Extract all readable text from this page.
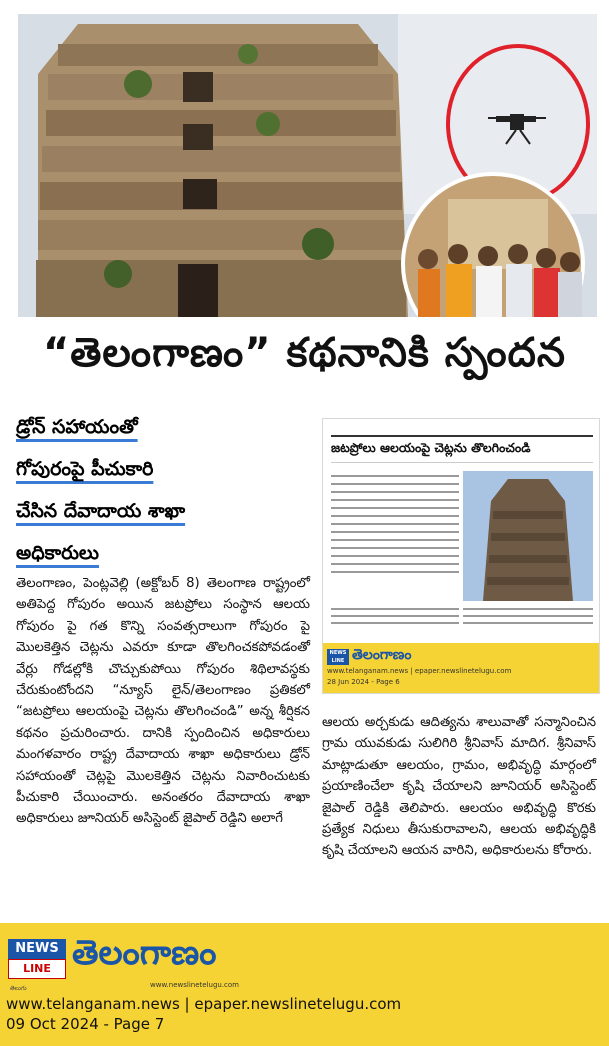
“తెలంగాణం” కథనానికి స్పందన
డ్రోన్ సహాయంతో
గోపురంపై పీచుకారి
చేసిన దేవాదాయ శాఖా
అధికారులు

తెలంగాణం, పెంట్లవెల్లి (అక్టోబర్ 8) తెలంగాణ రాష్ట్రంలో అతిపెద్ద గోపురం అయిన జటప్రోలు సంస్థాన ఆలయ గోపురం పై గత కొన్ని సంవత్సరాలుగా గోపురం పై మొలకెత్తిన చెట్లను ఎవరూ కూడా తొలగించకపోవడంతో వేర్లు గోడల్లోకి చొచ్చుకుపోయి గోపురం శిథిలావస్థకు చేరుకుంటోందని “న్యూస్ లైన్/తెలంగాణం ప్రతికలో “జటప్రోలు ఆలయంపై చెట్లను తొలగించండి” అన్న శీర్షికన కథనం ప్రచురించారు. దానికి స్పందించిన అధికారులు మంగళవారం రాష్ట్ర దేవాదాయ శాఖా అధికారులు డ్రోన్ సహాయంతో చెట్లపై మొలకెత్తిన చెట్లను నివారించుటకు పీచుకారి చేయించారు. అనంతరం దేవాదాయ శాఖా అధికారులు జూనియర్ అసిస్టెంట్ జైపాల్ రెడ్డిని అలాగే

జటప్రోలు ఆలయంపై చెట్లను తొలగించండి
NEWS LINE తెలంగాణం
www.telanganam.news | epaper.newslinetelugu.com
28 Jun 2024 - Page 6

ఆలయ అర్చకుడు ఆదిత్యను శాలువాతో సన్మానించిన గ్రామ యువకుడు సులిగిరి శ్రీనివాస్ మాదిగ. శ్రీనివాస్ మాట్లాడుతూ ఆలయం, గ్రామం, అభివృద్ధి మార్గంలో ప్రయాణించేలా కృషి చేయాలని జూనియర్ అసిస్టెంట్ జైపాల్ రెడ్డికి తెలిపారు. ఆలయం అభివృద్ధి కొరకు ప్రత్యేక నిధులు తీసుకురావాలని, ఆలయ అభివృద్ధికి కృషి చేయాలని ఆయన వారిని, అధికారులను కోరారు.

NEWS
LINE తెలంగాణం
తెలుగు	www.newslinetelugu.com
www.telanganam.news | epaper.newslinetelugu.com
09 Oct 2024 - Page 7
